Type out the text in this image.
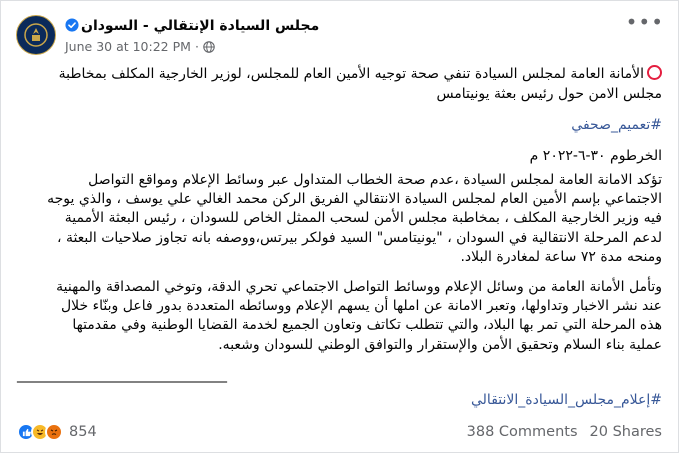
مجلس السيادة الإنتقالي - السودان
June 30 at 10:22 PM ·
•••

الأمانة العامة لمجلس السيادة تنفي صحة توجيه الأمين العام للمجلس، لوزير الخارجية المكلف بمخاطبة

مجلس الامن حول رئيس بعثة يونيتامس

#تعميم_صحفي

الخرطوم ٣٠-٦-٢٠٢٢ م

تؤكد الامانة العامة لمجلس السيادة ،عدم صحة الخطاب المتداول عبر وسائط الإعلام ومواقع التواصل

الاجتماعي بإسم الأمين العام لمجلس السيادة الانتقالي الفريق الركن محمد الغالي علي يوسف ، والذي يوجه

فيه وزير الخارجية المكلف ، بمخاطبة مجلس الأمن لسحب الممثل الخاص للسودان ، رئيس البعثة الأممية

لدعم المرحلة الانتقالية في السودان ، "يونيتامس" السيد فولكر بيرتس،ووصفه بانه تجاوز صلاحيات البعثة ،

ومنحه مدة ٧٢ ساعة لمغادرة البلاد.

وتأمل الأمانة العامة من وسائل الإعلام ووسائط التواصل الاجتماعي تحري الدقة، وتوخي المصداقة والمهنية

عند نشر الاخبار وتداولها، وتعبر الامانة عن املها أن يسهم الإعلام ووسائطه المتعددة بدور فاعل وبنّاء خلال

هذه المرحلة التي تمر بها البلاد، والتي تتطلب تكاتف وتعاون الجميع لخدمة القضايا الوطنية وفي مقدمتها

عملية بناء السلام وتحقيق الأمن والإستقرار والتوافق الوطني للسودان وشعبه.

______________________________

#إعلام_مجلس_السيادة_الانتقالي

854	388 Comments 20 Shares
